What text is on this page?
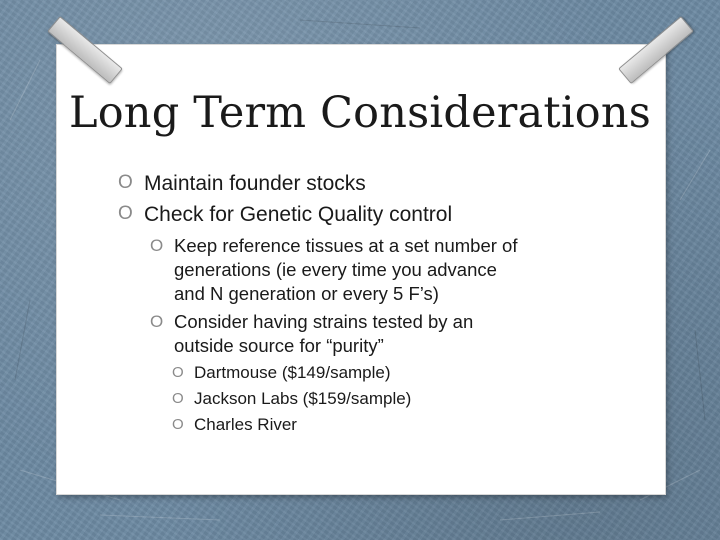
Long Term Considerations
O Maintain founder stocks
O Check for Genetic Quality control
O Keep reference tissues at a set number of
generations (ie every time you advance
and N generation or every 5 F’s)
O Consider having strains tested by an
outside source for “purity”
O Dartmouse ($149/sample)
O Jackson Labs ($159/sample)
O Charles River
